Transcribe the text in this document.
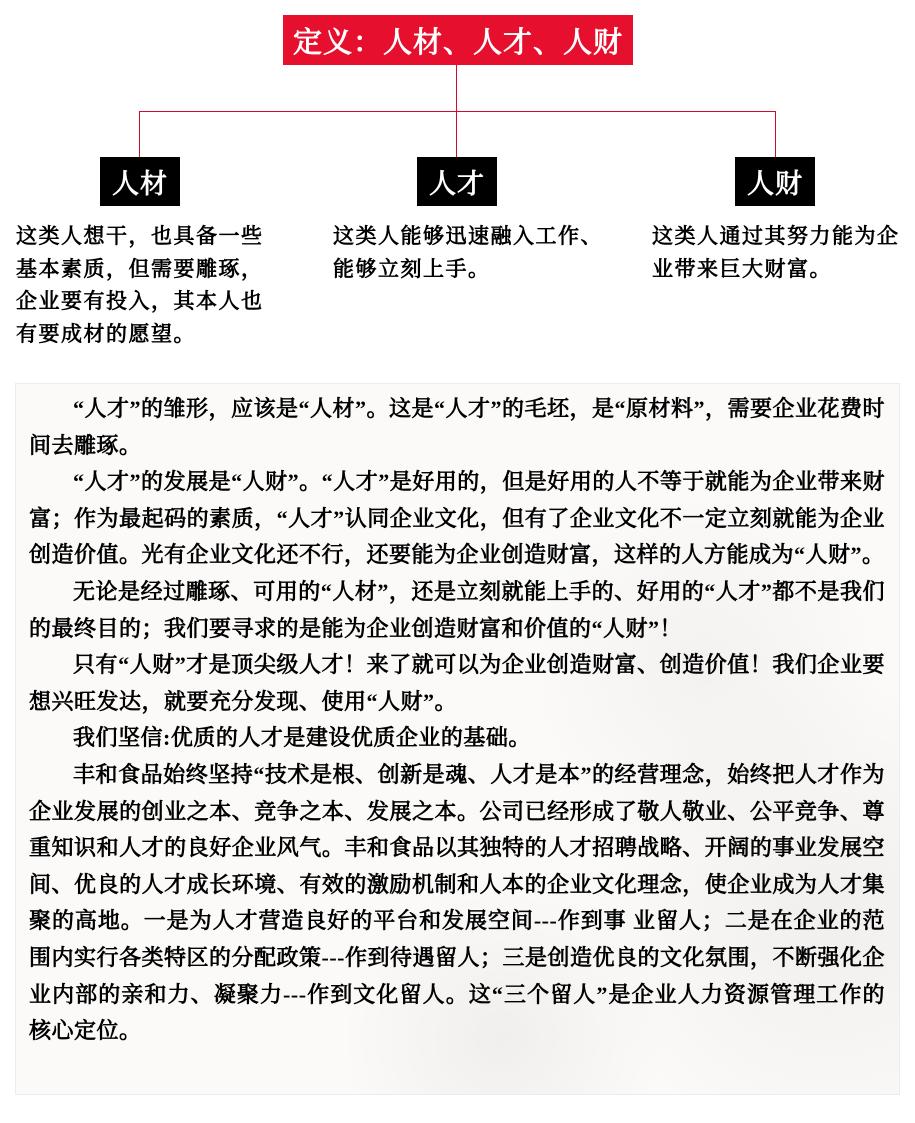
定义：人材、人才、人财
人材	人才	人财
这类人想干，也具备一些基本素质，但需要雕琢，企业要有投入，其本人也有要成材的愿望。
这类人能够迅速融入工作、能够立刻上手。
这类人通过其努力能为企业带来巨大财富。

“人才”的雏形，应该是“人材”。这是“人才”的毛坯，是“原材料”，需要企业花费时间去雕琢。

“人才”的发展是“人财”。“人才”是好用的，但是好用的人不等于就能为企业带来财富；作为最起码的素质，“人才”认同企业文化，但有了企业文化不一定立刻就能为企业创造价值。光有企业文化还不行，还要能为企业创造财富，这样的人方能成为“人财”。

无论是经过雕琢、可用的“人材”，还是立刻就能上手的、好用的“人才”都不是我们的最终目的；我们要寻求的是能为企业创造财富和价值的“人财”！

只有“人财”才是顶尖级人才！来了就可以为企业创造财富、创造价值！我们企业要想兴旺发达，就要充分发现、使用“人财”。

我们坚信:优质的人才是建设优质企业的基础。

丰和食品始终坚持“技术是根、创新是魂、人才是本”的经营理念，始终把人才作为企业发展的创业之本、竞争之本、发展之本。公司已经形成了敬人敬业、公平竞争、尊重知识和人才的良好企业风气。丰和食品以其独特的人才招聘战略、开阔的事业发展空间、优良的人才成长环境、有效的激励机制和人本的企业文化理念，使企业成为人才集聚的高地。一是为人才营造良好的平台和发展空间---作到事 业留人；二是在企业的范围内实行各类特区的分配政策---作到待遇留人；三是创造优良的文化氛围，不断强化企业内部的亲和力、凝聚力---作到文化留人。这“三个留人”是企业人力资源管理工作的核心定位。
